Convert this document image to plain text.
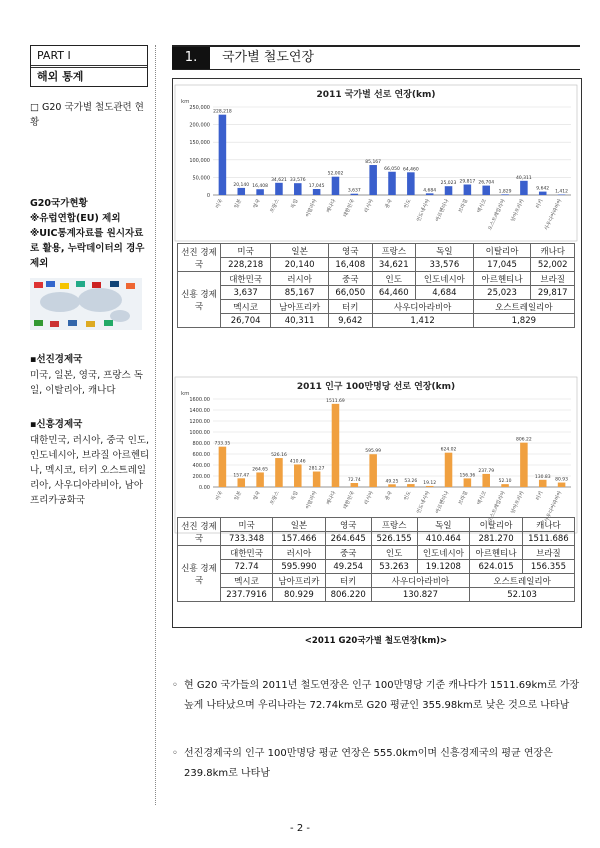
PART Ⅰ
해외 통계
1.	국가별 철도연장
□ G20 국가별 철도관련 현황
G20국가현황
※유럽연합(EU) 제외
※UIC통계자료를 원시자료로 활용, 누락데이터의 경우 제외
▪선진경제국
미국, 일본, 영국, 프랑스 독일, 이탈리아, 캐나다
▪신흥경제국
대한민국, 러시아, 중국 인도, 인도네시아, 브라질 아르헨티나, 멕시코, 터키 오스트레일리아, 사우디아라비아, 남아프리카공화국
2011 국가별 선로 연장(km)
km
0
50,000
100,000
150,000
200,000
250,000
228,218
미국
20,140
일본
16,408
영국
34,621
프랑스
33,576
독일
17,045
이탈리아
52,002
캐나다
3,637
대한민국
85,167
러시아
66,050
중국
64,460
인도
4,684
인도네시아
25,023
아르헨티나
29,817
브라질
26,704
멕시코
1,829
오스트레일리아
40,311
남아프리카
9,642
터키
1,412
사우디아라비아
선진 경제국	미국	일본	영국	프랑스	독일	이탈리아	캐나다
	228,218	20,140	16,408	34,621	33,576	17,045	52,002
신흥 경제국	대한민국	러시아	중국	인도	인도네시아	아르헨티나	브라질
	3,637	85,167	66,050	64,460	4,684	25,023	29,817
	멕시코	남아프리카	터키	사우디아라비아		오스트레일리아	
	26,704	40,311	9,642	1,412		1,829	
2011 인구 100만명당 선로 연장(km)
km
0.00
200.00
400.00
600.00
800.00
1000.00
1200.00
1400.00
1600.00
733.35
미국
157.47
일본
264.65
영국
526.16
프랑스
410.46
독일
281.27
이탈리아
1511.69
캐나다
72.74
대한민국
595.99
러시아
49.25
중국
53.26
인도
19.12
인도네시아
624.02
아르헨티나
156.36
브라질
237.79
멕시코
52.10
오스트레일리아
806.22
남아프리카
130.83
터키
80.93
사우디아라비아
선진 경제국	미국	일본	영국	프랑스	독일	이탈리아	캐나다
	733.348	157.466	264.645	526.155	410.464	281.270	1511.686
신흥 경제국	대한민국	러시아	중국	인도	인도네시아	아르헨티나	브라질
	72.74	595.990	49.254	53.263	19.1208	624.015	156.355
	멕시코	남아프리카	터키	사우디아라비아		오스트레일리아	
	237.7916	80.929	806.220	130.827		52.103	
<2011 G20국가별 철도연장(km)>
◦ 현 G20 국가들의 2011년 철도연장은 인구 100만명당 기준 캐나다가 1511.69km로 가장 높게 나타났으며 우리나라는 72.74km로 G20 평균인 355.98km로 낮은 것으로 나타남
◦ 선진경제국의 인구 100만명당 평균 연장은 555.0km이며 신흥경제국의 평균 연장은 239.8km로 나타남
- 2 -
